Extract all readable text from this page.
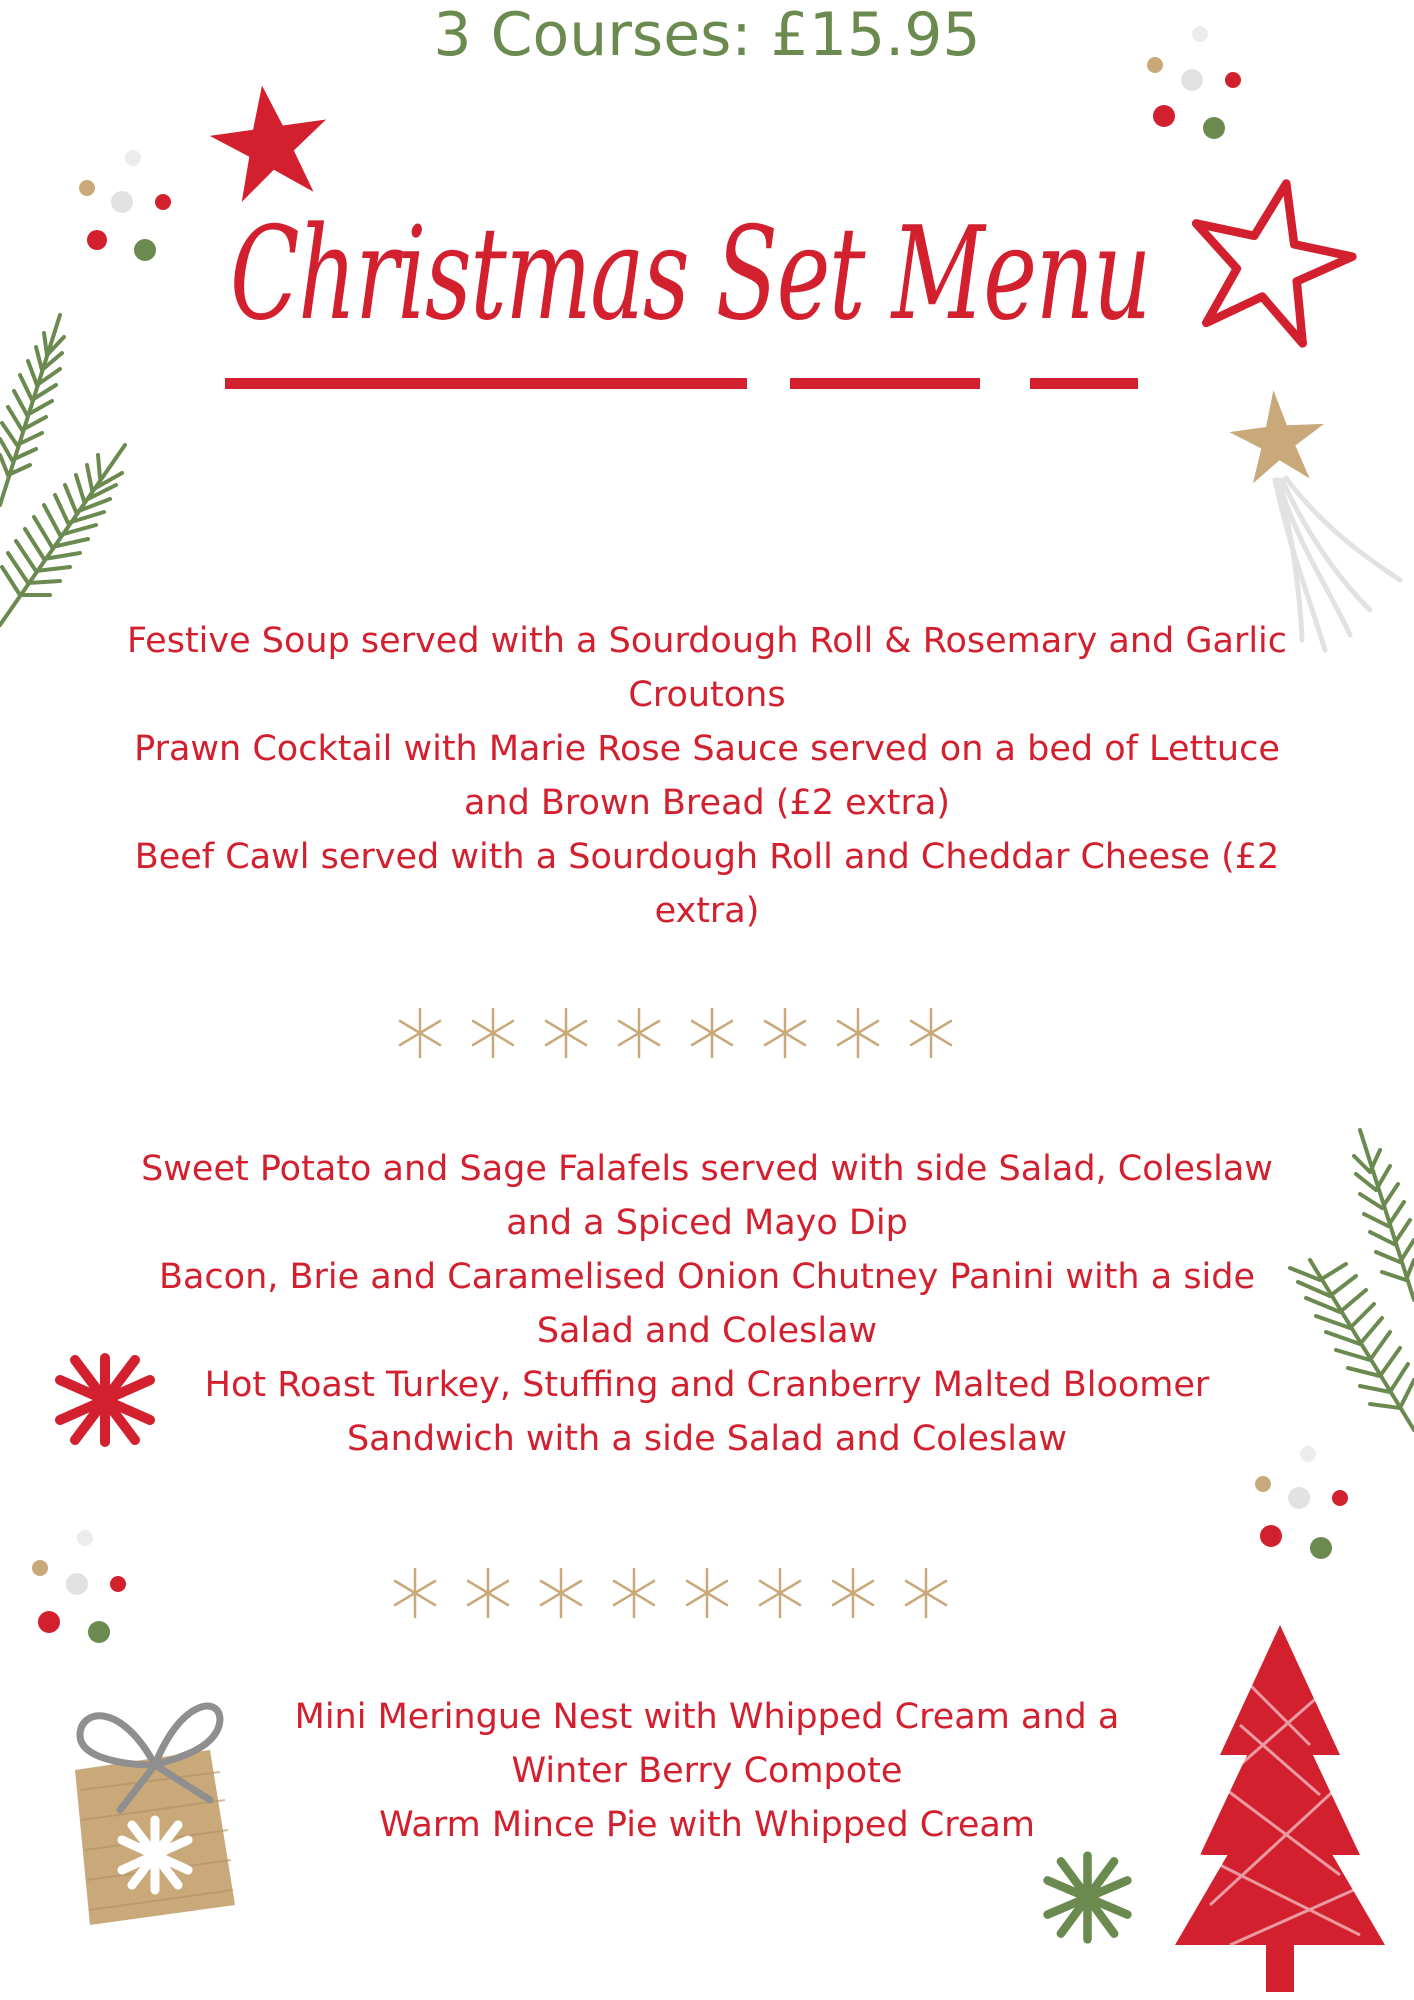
Christmas Set Menu
3 Courses: £15.95
Festive Soup served with a Sourdough Roll & Rosemary and Garlic Croutons
Prawn Cocktail with Marie Rose Sauce served on a bed of Lettuce and Brown Bread (£2 extra)
Beef Cawl served with a Sourdough Roll and Cheddar Cheese (£2 extra)
Sweet Potato and Sage Falafels served with side Salad, Coleslaw and a Spiced Mayo Dip
Bacon, Brie and Caramelised Onion Chutney Panini with a side Salad and Coleslaw
Hot Roast Turkey, Stuffing and Cranberry Malted Bloomer Sandwich with a side Salad and Coleslaw
Mini Meringue Nest with Whipped Cream and a Winter Berry Compote
Warm Mince Pie with Whipped Cream
